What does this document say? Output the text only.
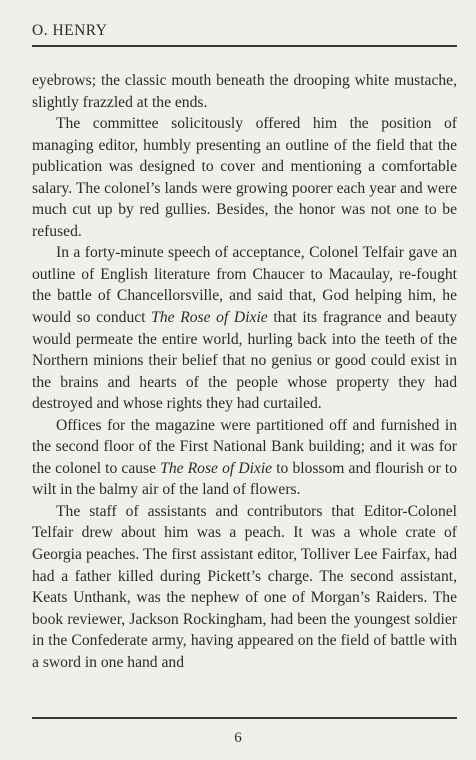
O. HENRY

eyebrows; the classic mouth beneath the drooping white mustache, slightly frazzled at the ends.

The committee solicitously offered him the position of managing editor, humbly presenting an outline of the field that the publication was designed to cover and mentioning a comfortable salary. The colonel’s lands were growing poorer each year and were much cut up by red gullies. Besides, the honor was not one to be refused.

In a forty-minute speech of acceptance, Colonel Telfair gave an outline of English literature from Chaucer to Macaulay, re-fought the battle of Chancellorsville, and said that, God helping him, he would so conduct The Rose of Dixie that its fragrance and beauty would permeate the entire world, hurling back into the teeth of the Northern minions their belief that no genius or good could exist in the brains and hearts of the people whose property they had destroyed and whose rights they had curtailed.

Offices for the magazine were partitioned off and furnished in the second floor of the First National Bank building; and it was for the colonel to cause The Rose of Dixie to blossom and flourish or to wilt in the balmy air of the land of flowers.

The staff of assistants and contributors that Editor-Colonel Telfair drew about him was a peach. It was a whole crate of Georgia peaches. The first assistant editor, Tolliver Lee Fairfax, had had a father killed during Pickett’s charge. The second assistant, Keats Unthank, was the nephew of one of Morgan’s Raiders. The book reviewer, Jackson Rockingham, had been the youngest soldier in the Confederate army, having appeared on the field of battle with a sword in one hand and

6
